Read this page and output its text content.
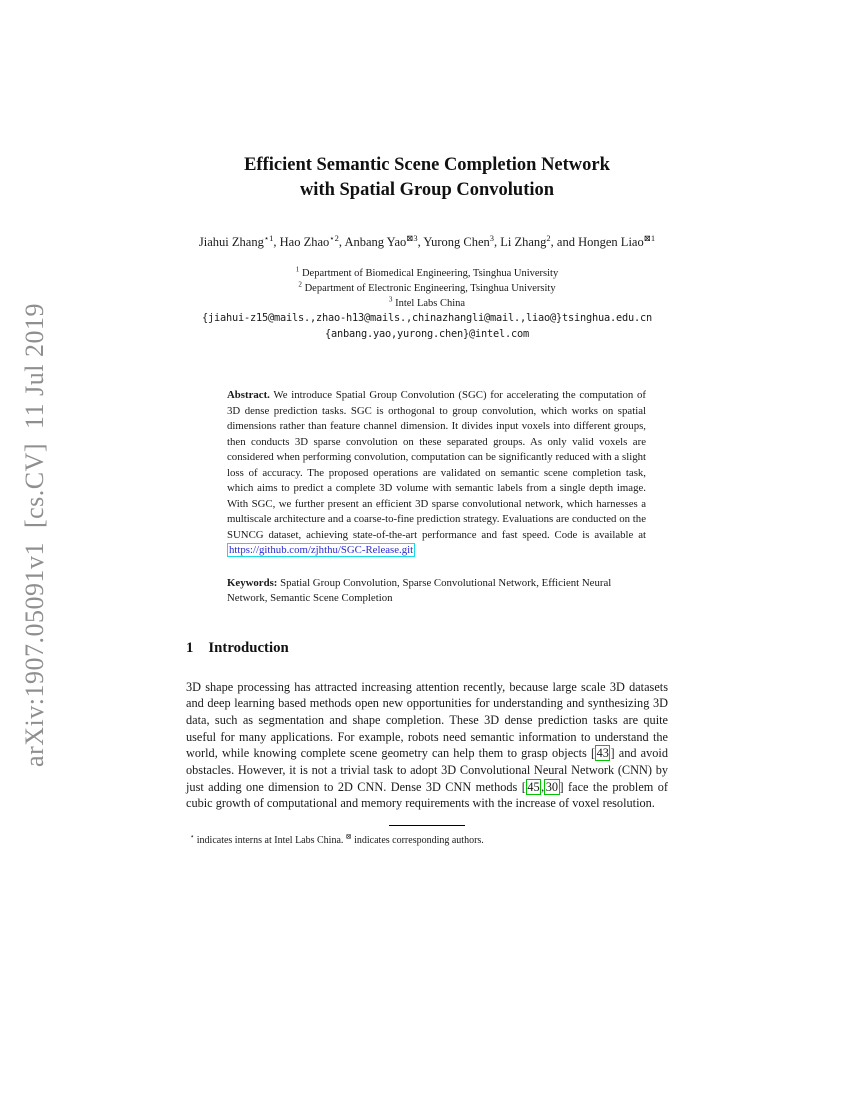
arXiv:1907.05091v1  [cs.CV]  11 Jul 2019
Efficient Semantic Scene Completion Network
with Spatial Group Convolution
Jiahui Zhang$^{⋆1}$, Hao Zhao$^{⋆2}$, Anbang Yao$^{⊠3}$, Yurong Chen$^3$, Li Zhang$^2$, and Hongen Liao$^{⊠1}$
$^1$ Department of Biomedical Engineering, Tsinghua University
$^2$ Department of Electronic Engineering, Tsinghua University
$^3$ Intel Labs China
{jiahui-z15@mails.,zhao-h13@mails.,chinazhangli@mail.,liao@}tsinghua.edu.cn
{anbang.yao,yurong.chen}@intel.com
Abstract. We introduce Spatial Group Convolution (SGC) for accelerating the computation of 3D dense prediction tasks. SGC is orthogonal to group convolution, which works on spatial dimensions rather than feature channel dimension. It divides input voxels into different groups, then conducts 3D sparse convolution on these separated groups. As only valid voxels are considered when performing convolution, computation can be significantly reduced with a slight loss of accuracy. The proposed operations are validated on semantic scene completion task, which aims to predict a complete 3D volume with semantic labels from a single depth image. With SGC, we further present an efficient 3D sparse convolutional network, which harnesses a multiscale architecture and a coarse-to-fine prediction strategy. Evaluations are conducted on the SUNCG dataset, achieving state-of-the-art performance and fast speed. Code is available at https://github.com/zjhthu/SGC-Release.git
Keywords: Spatial Group Convolution, Sparse Convolutional Network, Efficient Neural Network, Semantic Scene Completion
1 Introduction

3D shape processing has attracted increasing attention recently, because large scale 3D datasets and deep learning based methods open new opportunities for understanding and synthesizing 3D data, such as segmentation and shape completion. These 3D dense prediction tasks are quite useful for many applications. For example, robots need semantic information to understand the world, while knowing complete scene geometry can help them to grasp objects [ 43 ] and avoid obstacles. However, it is not a trivial task to adopt 3D Convolutional Neural Network (CNN) by just adding one dimension to 2D CNN. Dense 3D CNN methods [ 45 , 30 ] face the problem of cubic growth of computational and memory requirements with the increase of voxel resolution.

⋆ indicates interns at Intel Labs China. ⊠ indicates corresponding authors.
